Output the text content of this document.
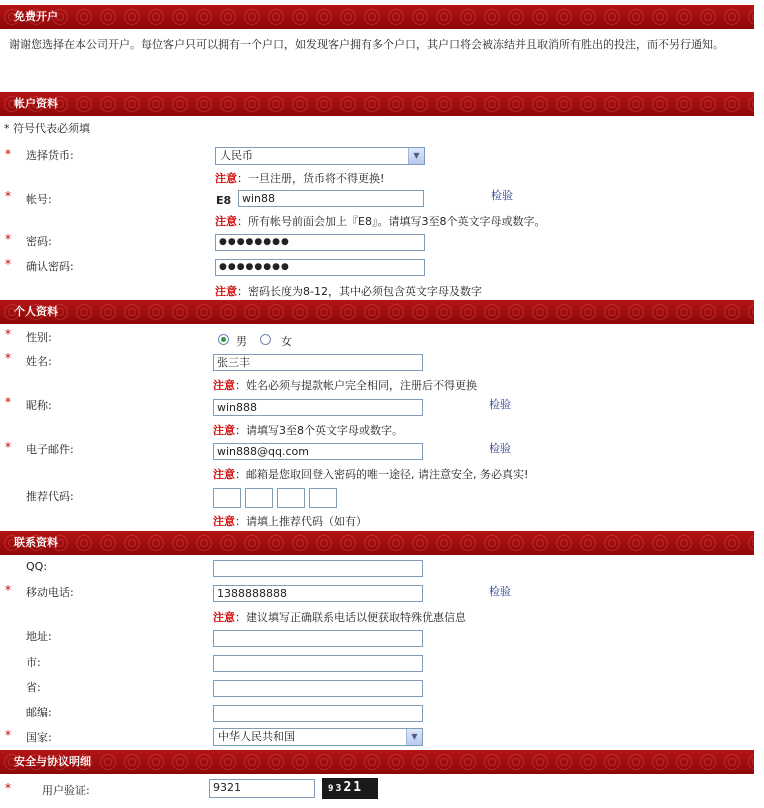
免费开户
谢谢您选择在本公司开户。每位客户只可以拥有一个户口，如发现客户拥有多个户口，其户口将会被冻结并且取消所有胜出的投注，而不另行通知。
帐户资料
* 符号代表必须填
* 选择货币:	人民币	▼
注意：一旦注册，货币将不得更换!
* 帐号:	E8 win88	检验
注意：所有帐号前面会加上『E8』。请填写3至8个英文字母或数字。
* 密码:	●●●●●●●●
* 确认密码:	●●●●●●●●
注意：密码长度为8-12，其中必须包含英文字母及数字
个人资料
* 性别:	男	女
* 姓名:	张三丰
注意：姓名必须与提款帐户完全相同，注册后不得更换
* 昵称:	win888	检验
注意：请填写3至8个英文字母或数字。
* 电子邮件:	win888@qq.com	检验
注意：邮箱是您取回登入密码的唯一途径, 请注意安全, 务必真实!
推荐代码:
注意：请填上推荐代码（如有）
联系资料
QQ:
* 移动电话:	1388888888	检验
注意：建议填写正确联系电话以便获取特殊优惠信息
地址:
市:
省:
邮编:
* 国家:	中华人民共和国	▼
安全与协议明细
*	用户验证:	9321	9321
